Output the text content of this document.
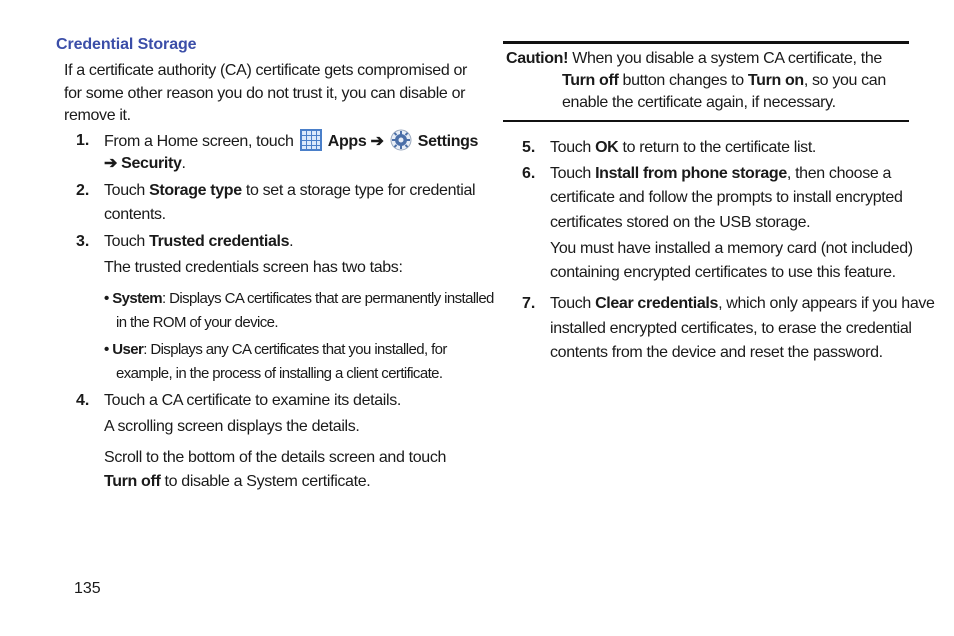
Credential Storage
If a certificate authority (CA) certificate gets compromised or
for some other reason you do not trust it, you can disable or
remove it.
1. From a Home screen, touch Apps ➔ Settings
➔ Security.
2. Touch Storage type to set a storage type for credential
contents.
3. Touch Trusted credentials.
The trusted credentials screen has two tabs:
• System: Displays CA certificates that are permanently installed
in the ROM of your device.
• User: Displays any CA certificates that you installed, for
example, in the process of installing a client certificate.
4. Touch a CA certificate to examine its details.
A scrolling screen displays the details.
Scroll to the bottom of the details screen and touch
Turn off to disable a System certificate.
135
Caution! When you disable a system CA certificate, the
Turn off button changes to Turn on, so you can
enable the certificate again, if necessary.
5. Touch OK to return to the certificate list.
6. Touch Install from phone storage, then choose a
certificate and follow the prompts to install encrypted
certificates stored on the USB storage.
You must have installed a memory card (not included)
containing encrypted certificates to use this feature.
7. Touch Clear credentials, which only appears if you have
installed encrypted certificates, to erase the credential
contents from the device and reset the password.
